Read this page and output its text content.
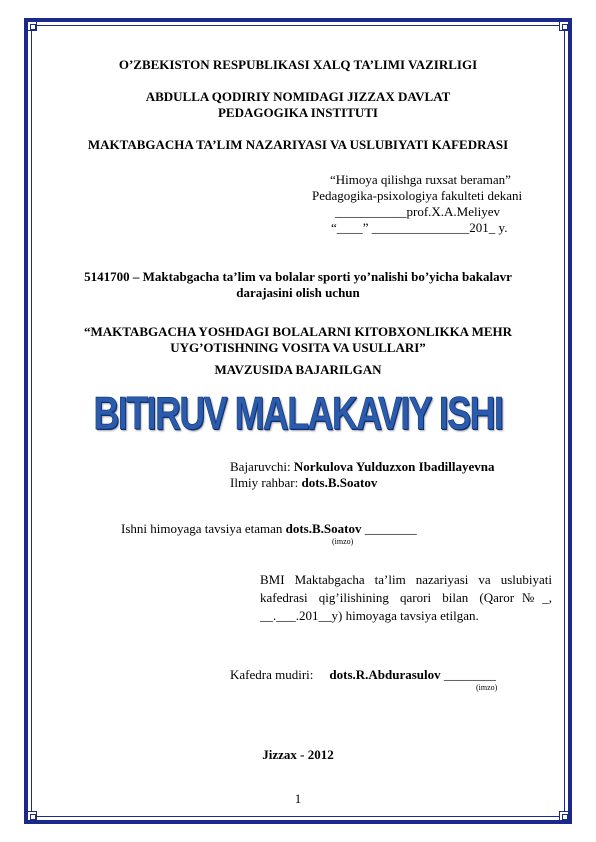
O’ZBEKISTON RESPUBLIKASI XALQ TA’LIMI VAZIRLIGI
ABDULLA QODIRIY NOMIDAGI JIZZAX DAVLAT
PEDAGOGIKA INSTITUTI
MAKTABGACHA TA’LIM NAZARIYASI VA USLUBIYATI KAFEDRASI
“Himoya qilishga ruxsat beraman”
Pedagogika-psixologiya fakulteti dekani
___________prof.X.A.Meliyev
“____” _______________201_ y.
5141700 – Maktabgacha ta’lim va bolalar sporti yo’nalishi bo’yicha bakalavr
darajasini olish uchun
“MAKTABGACHA YOSHDAGI BOLALARNI KITOBXONLIKKA MEHR
UYG’OTISHNING VOSITA VA USULLARI”
MAVZUSIDA BAJARILGAN
BITIRUV MALAKAVIY ISHI
Bajaruvchi: Norkulova Yulduzxon Ibadillayevna
Ilmiy rahbar: dots.B.Soatov
Ishni himoyaga tavsiya etaman dots.B.Soatov ________
(imzo)
BMI Maktabgacha ta’lim nazariyasi va uslubiyati kafedrasi qig’ilishining qarori bilan (Qaror№_, __.___.201__y) himoyaga tavsiya etilgan.
Kafedra mudiri: dots.R.Abdurasulov ________
(imzo)
Jizzax - 2012
1
